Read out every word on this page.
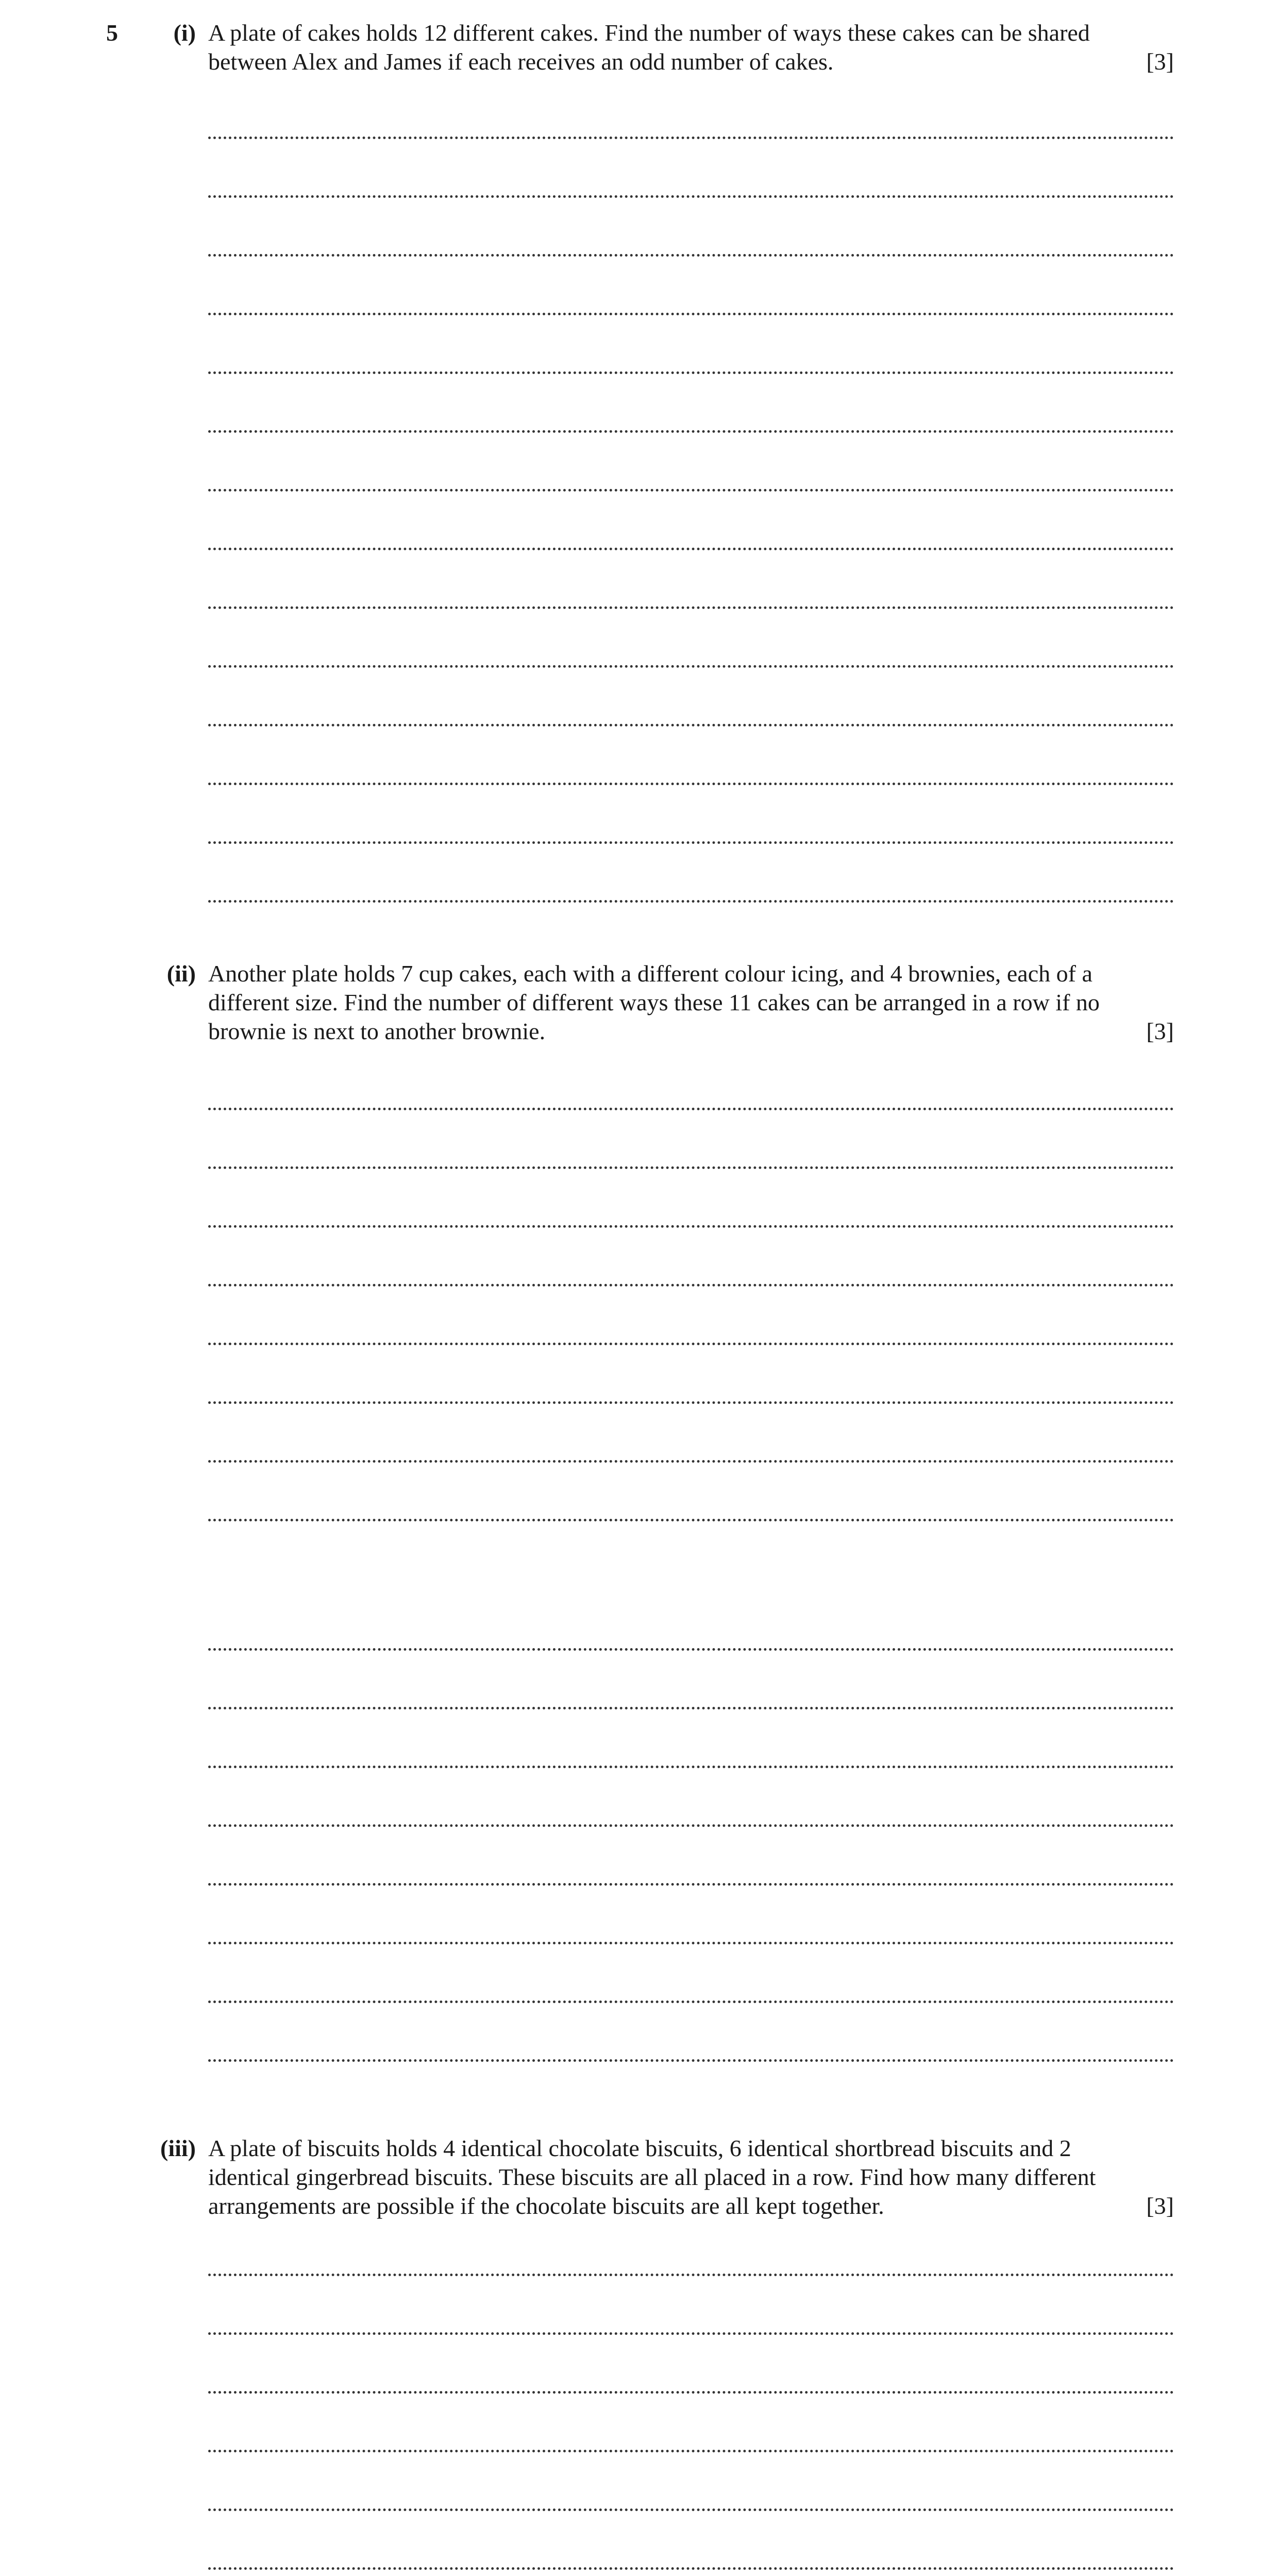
5	(i) A plate of cakes holds 12 different cakes. Find the number of ways these cakes can be shared
between Alex and James if each receives an odd number of cakes.	[3]
(ii) Another plate holds 7 cup cakes, each with a different colour icing, and 4 brownies, each of a
different size. Find the number of different ways these 11 cakes can be arranged in a row if no
brownie is next to another brownie.	[3]
(iii) A plate of biscuits holds 4 identical chocolate biscuits, 6 identical shortbread biscuits and 2
identical gingerbread biscuits. These biscuits are all placed in a row. Find how many different
arrangements are possible if the chocolate biscuits are all kept together.	[3]
